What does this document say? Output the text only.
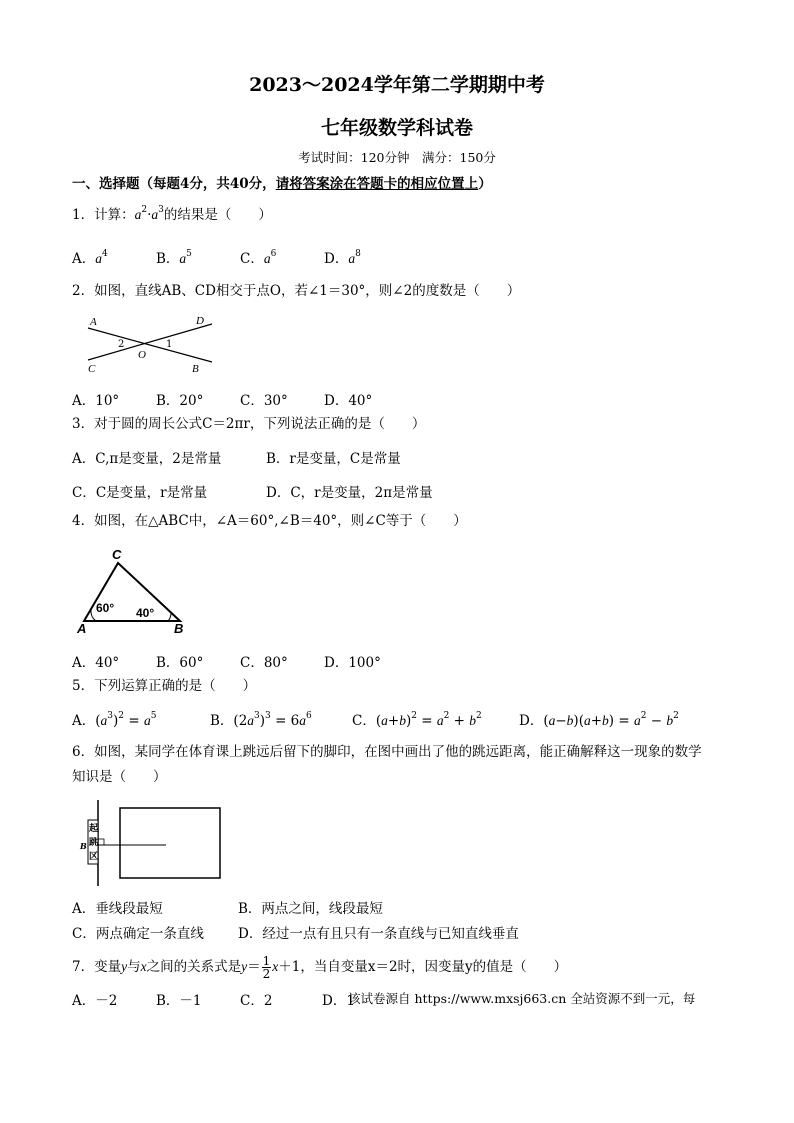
2023～2024学年第二学期期中考
七年级数学科试卷
考试时间：120分钟　满分：150分
一、选择题（每题4分，共40分，请将答案涂在答题卡的相应位置上）
1．计算：$a^2\cdot a^3$的结果是（　　）
A．$a^4$	B．$a^5$	C．$a^6$	D．$a^8$
2．如图，直线AB、CD相交于点O，若∠1＝30°，则∠2的度数是（　　）
A	D
C	B
O
2	1
A．10°	B．20°	C．30°	D．40°
3．对于圆的周长公式C＝2πr，下列说法正确的是（　　）
A．C,π是变量，2是常量	B．r是变量，C是常量
C．C是变量，r是常量	D．C，r是变量，2π是常量
4．如图，在△ABC中，∠A＝60°,∠B＝40°，则∠C等于（　　）
C
A	B
60° 40°
A．40°	B．60°	C．80°	D．100°
5．下列运算正确的是（　　）
A．$(a^3)^2 = a^5$	B．$(2a^3)^3 = 6a^6$	C．$(a+b)^2 = a^2 + b^2$	D．$(a-b)(a+b) = a^2 - b^2$
6．如图，某同学在体育课上跳远后留下的脚印，在图中画出了他的跳远距离，能正确解释这一现象的数学
知识是（　　）
起
跳
区
B
A．垂线段最短	B．两点之间，线段最短
C．两点确定一条直线	D．经过一点有且只有一条直线与已知直线垂直
7．变量y与x之间的关系式是$y= \frac{1}{2} x+1$，当自变量x＝2时，因变量y的值是（　　）
A．－2	B．－1	C．2	D．1
该试卷源自 https://www.mxsj663.cn 全站资源不到一元，每
